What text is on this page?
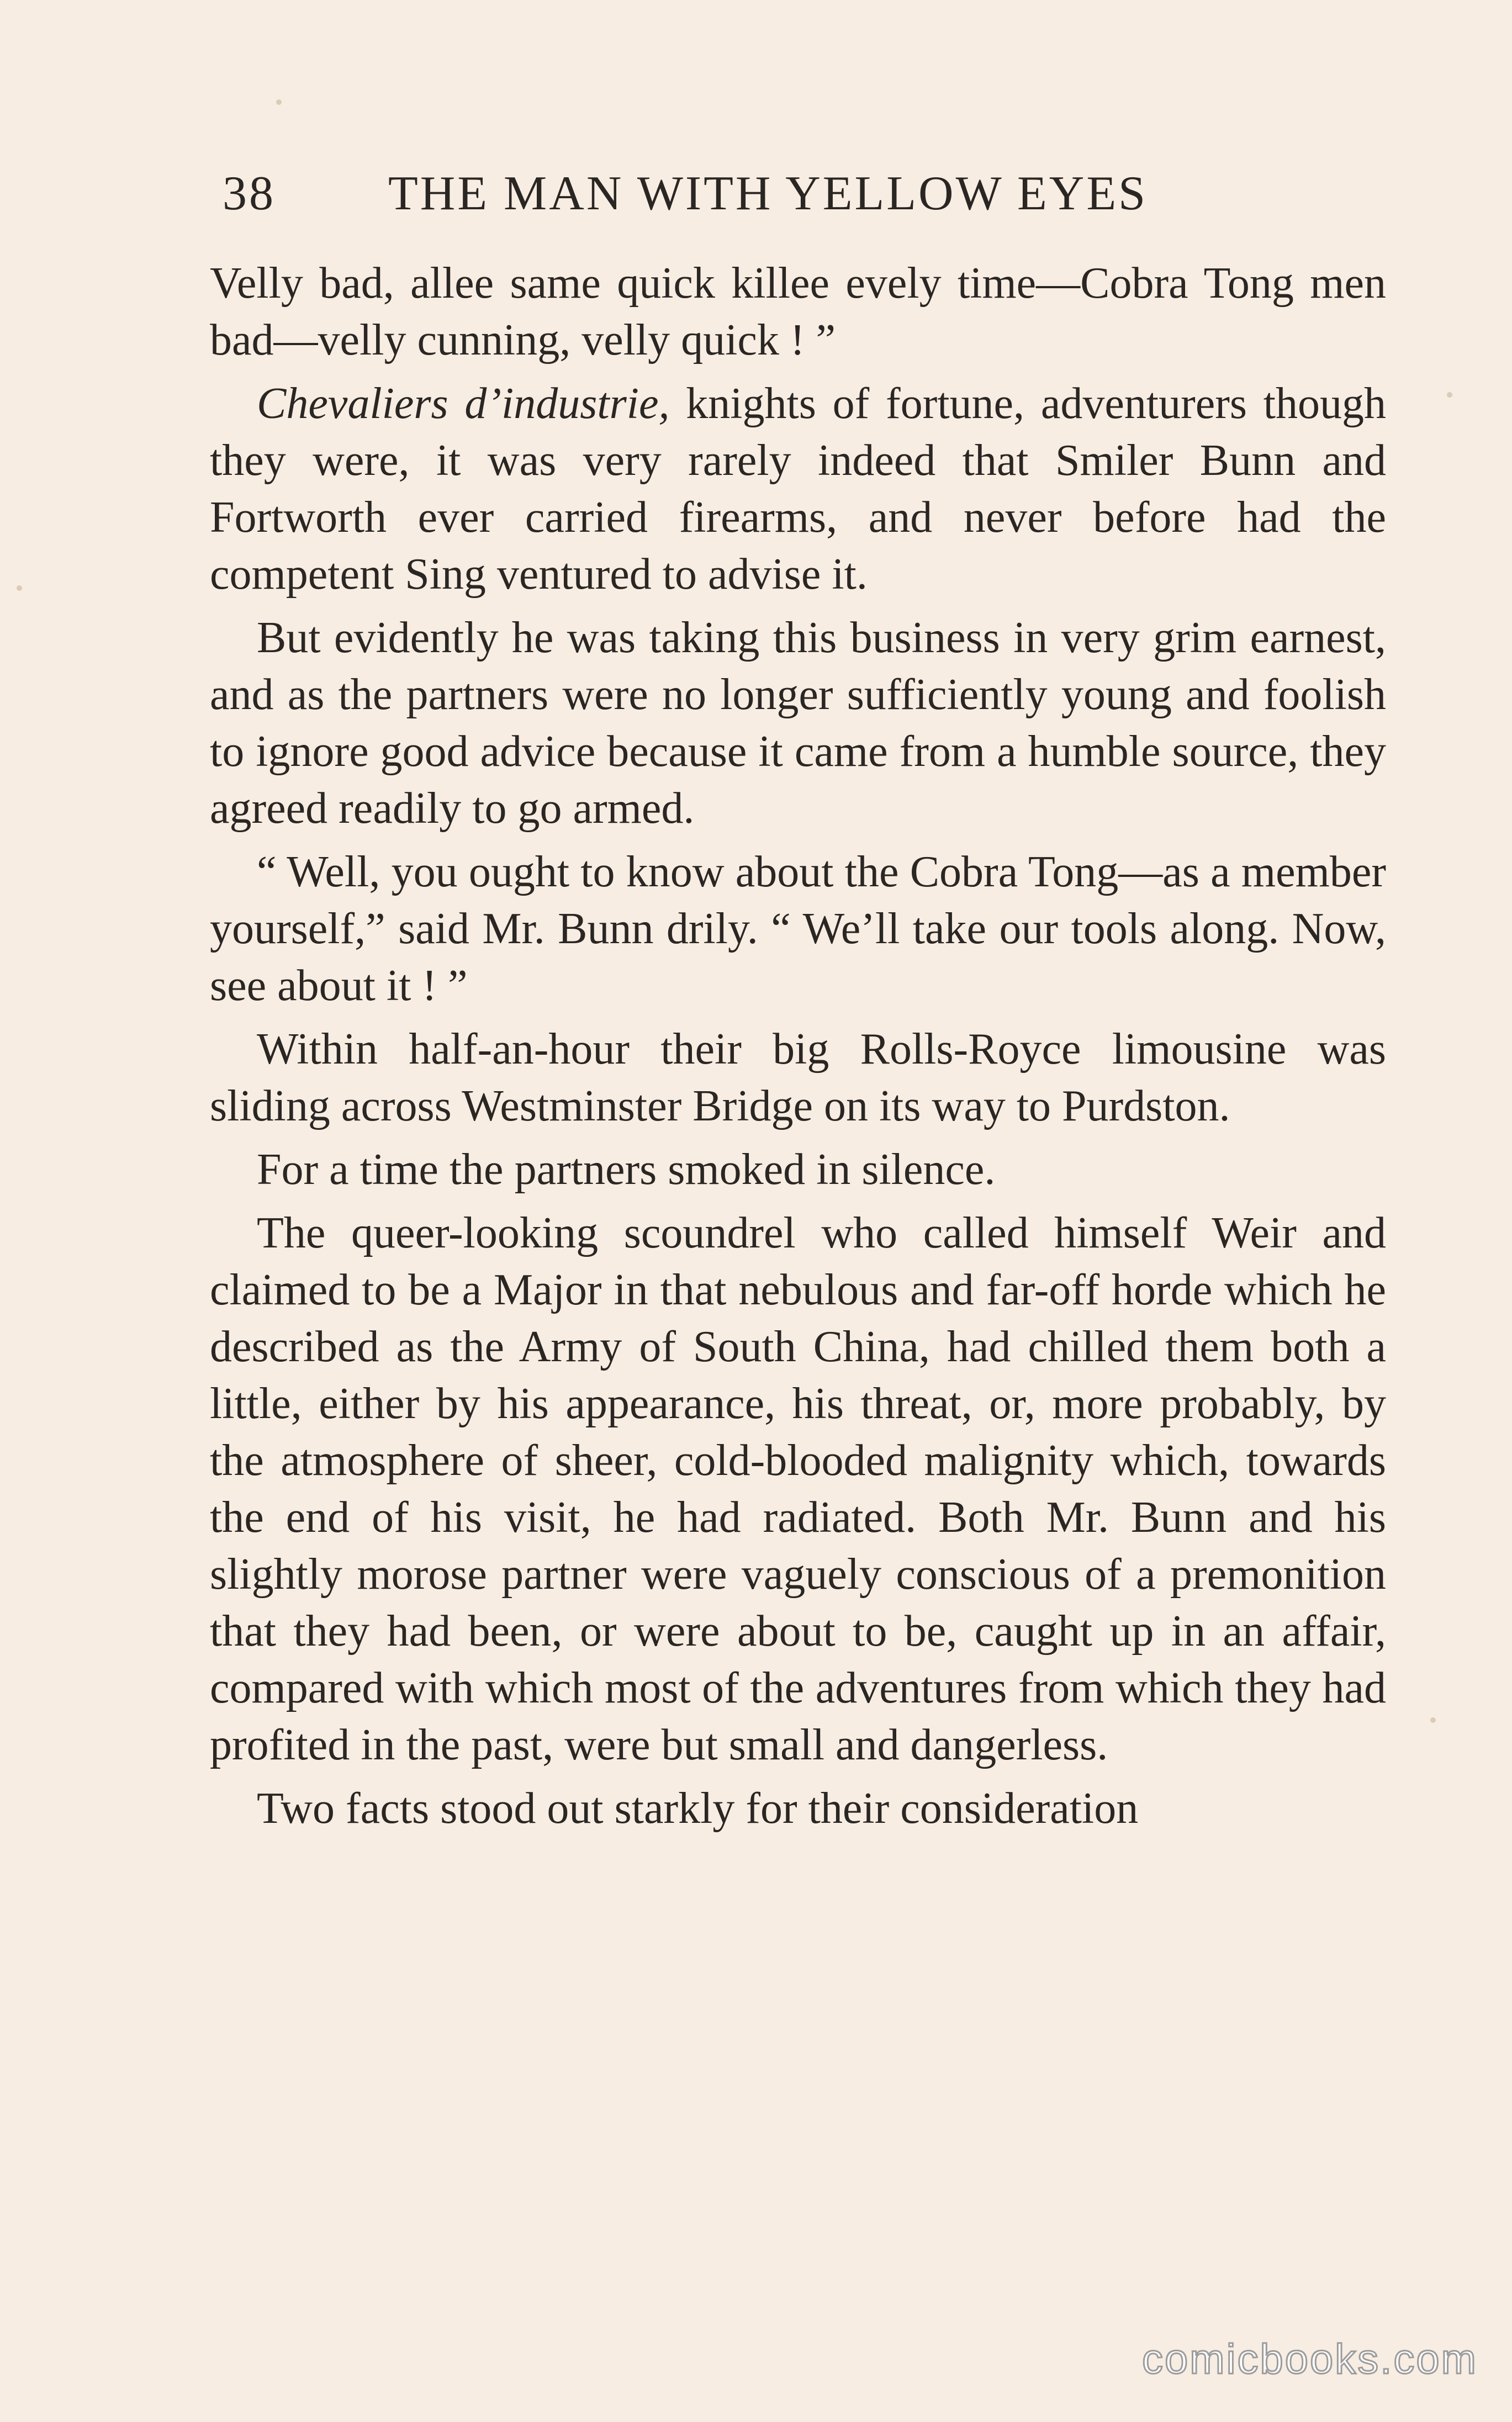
38 THE MAN WITH YELLOW EYES

Velly bad, allee same quick killee evely time—Cobra Tong men bad—velly cunning, velly quick ! ”

Chevaliers d’industrie, knights of fortune, adventurers though they were, it was very rarely indeed that Smiler Bunn and Fortworth ever carried firearms, and never before had the competent Sing ventured to advise it.

But evidently he was taking this business in very grim earnest, and as the partners were no longer sufficiently young and foolish to ignore good advice because it came from a humble source, they agreed readily to go armed.

“ Well, you ought to know about the Cobra Tong—as a member yourself,” said Mr. Bunn drily. “ We’ll take our tools along. Now, see about it ! ”

Within half-an-hour their big Rolls-Royce limousine was sliding across Westminster Bridge on its way to Purdston.

For a time the partners smoked in silence.

The queer-looking scoundrel who called himself Weir and claimed to be a Major in that nebulous and far-off horde which he described as the Army of South China, had chilled them both a little, either by his appearance, his threat, or, more probably, by the atmosphere of sheer, cold-blooded malignity which, towards the end of his visit, he had radiated. Both Mr. Bunn and his slightly morose partner were vaguely conscious of a premonition that they had been, or were about to be, caught up in an affair, compared with which most of the adventures from which they had profited in the past, were but small and dangerless.

Two facts stood out starkly for their consideration

comicbooks.com
